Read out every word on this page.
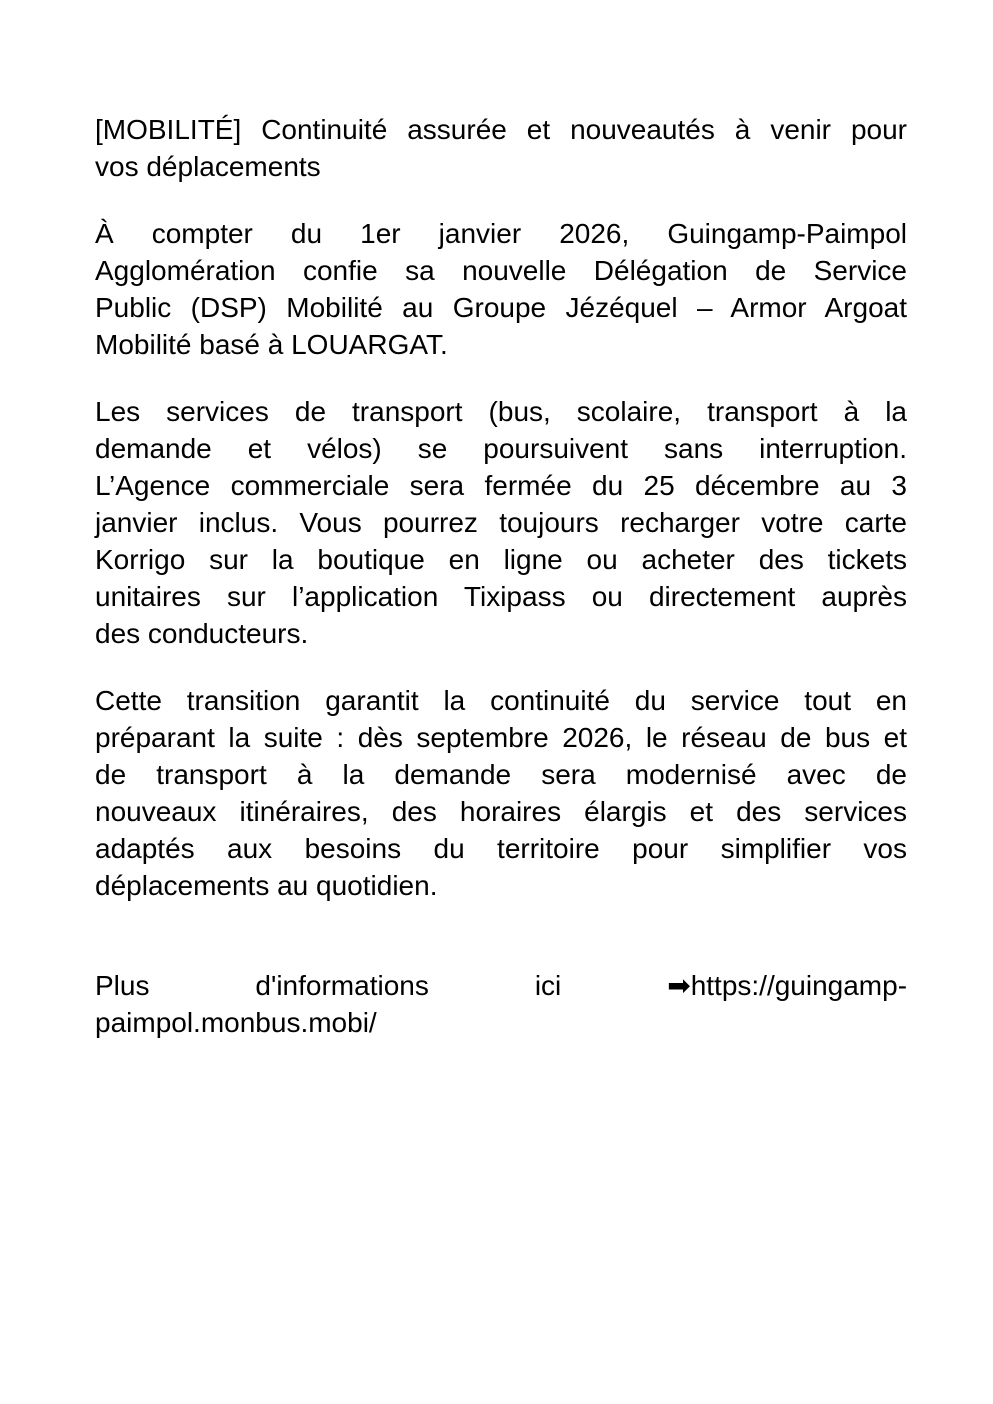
[MOBILITÉ] Continuité assurée et nouveautés à venir pour
vos déplacements
À compter du 1er janvier 2026, Guingamp-Paimpol
Agglomération confie sa nouvelle Délégation de Service
Public (DSP) Mobilité au Groupe Jézéquel – Armor Argoat
Mobilité basé à LOUARGAT.
Les services de transport (bus, scolaire, transport à la
demande et vélos) se poursuivent sans interruption.
L’Agence commerciale sera fermée du 25 décembre au 3
janvier inclus. Vous pourrez toujours recharger votre carte
Korrigo sur la boutique en ligne ou acheter des tickets
unitaires sur l’application Tixipass ou directement auprès
des conducteurs.
Cette transition garantit la continuité du service tout en
préparant la suite : dès septembre 2026, le réseau de bus et
de transport à la demande sera modernisé avec de
nouveaux itinéraires, des horaires élargis et des services
adaptés aux besoins du territoire pour simplifier vos
déplacements au quotidien.
Plus	d'informations	ici	➡https://guingamp-
paimpol.monbus.mobi/
